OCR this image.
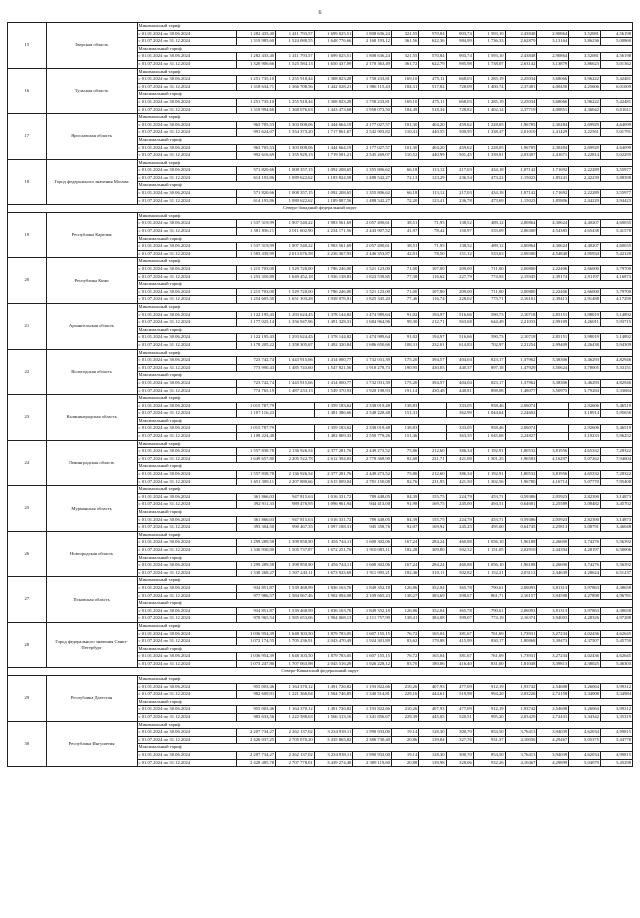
6
15	Тверская область	Минимальный тариф												
		с 01.01.2024 по 30.06.2024	1 282 433,40	1 411 793,57	1 699 025,51	1 808 636,24	321,55	570,84	903,74	1 593,10	2,43848	2,90864	3,52081	4,56198
		с 01.07.2024 по 31.12.2024	1 319 985,60	1 524 088,55	1 648 776,66	2 168 193,12	361,56	622,36	984,99	1 736,33	2,62879	3,13164	3,86236	5,00860
		Максимальный тариф												
		с 01.01.2024 по 30.06.2024	1 282 433,40	1 411 793,57	1 699 025,51	1 808 636,24	321,55	570,84	903,74	1 593,10	2,43848	2,90864	3,52081	4,56198
		с 01.07.2024 по 31.12.2024	1 320 906,66	1 525 584,13	1 650 437,09	2 170 363,49	361,72	622,79	985,98	1 738,07	2,63142	3,13879	3,86623	5,01362
16	Тульская область	Минимальный тариф												
		с 01.01.2024 по 30.06.2024	1 251 735,10	1 255 918,44	1 308 823,28	1 758 233,81	169,10	475,11	668,03	1 285,19	2,25034	3,68066	3,96222	5,42481
		с 01.07.2024 по 31.12.2024	1 318 634,71	1 366 708,56	1 442 028,21	1 986 115,43	184,31	517,82	728,09	1 400,74	2,37481	4,00450	4,25606	6,01009
		Максимальный тариф												
		с 01.01.2024 по 30.06.2024	1 251 735,10	1 255 918,44	1 308 823,28	1 758 233,81	169,10	475,11	668,03	1 285,19	2,25034	3,68066	3,96222	5,42481
		с 01.07.2024 по 31.12.2024	1 319 994,66	1 368 076,63	1 443 473,68	1 958 073,50	184,49	518,34	728,82	1 402,14	2,37719	4,00851	4,36042	6,01611
17	Ярославская область	Минимальный тариф												
		с 01.01.2024 по 30.06.2024	963 705,53	1 303 008,06	1 444 664,19	2 177 027,57	101,30	404,20	459,62	1 228,05	1,96785	2,30284	2,69929	4,64099
		с 01.07.2024 по 31.12.2024	991 624,07	1 354 373,20	1 717 861,67	2 542 903,82	110,41	440,55	500,95	1 338,47	2,01010	2,41429	3,22561	5,01791
		Максимальный тариф												
		с 01.01.2024 по 30.06.2024	963 705,53	1 303 008,06	1 444 664,19	2 177 027,57	101,30	404,20	459,62	1 228,05	1,96785	2,30284	2,69929	4,64099
		с 01.07.2024 по 31.12.2024	992 616,69	1 355 929,13	1 719 581,21	2 545 269,07	110,52	440,99	501,45	1 339,81	2,03307	2,41671	3,22814	5,02295
18	Город федерального значения Москва	Минимальный тариф												
		с 01.01.2024 по 30.06.2024	571 820,66	1 008 357,15	1 092 208,65	1 355 806,62	66,18	113,12	217,03	434,18	1,07142	1,71692	2,22289	3,55977
		с 01.07.2024 по 31.12.2024	614 193,86	1 089 622,62	1 183 824,58	1 488 542,27	72,13	123,29	236,54	473,22	1,15023	1,85241	2,42239	3,88398
		Максимальный тариф												
		с 01.01.2024 по 30.06.2024	571 820,66	1 008 357,15	1 092 208,65	1 355 806,62	66,18	113,12	217,03	434,18	1,07142	1,71692	2,22289	3,55977
		с 01.07.2024 по 31.12.2024	614 193,86	1 089 622,62	1 189 087,56	1 488 542,27	72,20	123,41	236,78	473,69	1,15023	1,85806	2,44229	3,94423
Северо-Западный федеральный округ														
19	Республика Карелия	Минимальный тариф												
		с 01.01.2024 по 30.06.2024	1 537 319,99	1 907 540,22	1 983 561,69	2 057 490,61	38,51	71,95	138,52	489,12	2,00864	4,30624	4,40207	4,60035
		с 01.07.2024 по 31.12.2024	1 581 856,11	2 011 602,90	2 234 171,56	2 443 907,52	41,97	78,42	150,97	533,09	2,06300	4,54385	4,65438	5,41578
		Максимальный тариф												
		с 01.01.2024 по 30.06.2024	1 537 319,99	1 907 540,22	1 983 561,69	2 057 490,61	38,51	71,95	138,52	489,12	2,00864	4,30624	4,40207	4,60035
		с 01.07.2024 по 31.12.2024	1 583 439,99	2 013 676,58	2 236 367,93	2 446 353,87	42,01	78,50	151,12	533,63	2,06506	4,54840	4,95934	5,42120
20	Республика Коми	Минимальный тариф												
		с 01.01.2024 по 30.06.2024	1 215 703,00	1 529 720,00	1 786 246,00	1 521 123,00	71,00	107,00	209,00	711,00	2,00800	2,22406	2,66000	3,79700
		с 01.07.2024 по 31.12.2024	1 253 350,89	1 649 452,18	1 936 138,83	1 823 539,85	77,38	116,62	227,79	774,93	2,15945	2,39174	2,91197	4,16873
		Максимальный тариф												
		с 01.01.2024 по 30.06.2024	1 215 703,00	1 529 720,00	1 786 246,00	1 521 123,00	71,00	107,00	209,00	711,00	2,00800	2,22406	2,66000	3,79700
		с 01.07.2024 по 31.12.2024	1 254 605,50	1 651 103,28	1 938 076,91	1 825 345,20	77,46	116,74	228,02	775,71	2,16161	2,39413	2,91488	4,17290
21	Архангельская область	Минимальный тариф												
		с 01.01.2024 по 30.06.2024	1 122 195,43	1 293 624,45	1 378 144,82	1 474 989,64	91,02	194,97	516,66	590,73	2,10718	2,85151	3,98019	5,14892
		с 01.07.2024 по 31.12.2024	1 177 025,14	1 356 947,96	1 491 328,31	1 684 964,96	99,30	212,71	563,68	644,49	2,21033	2,99109	4,26011	5,93715
		Максимальный тариф												
		с 01.01.2024 по 30.06.2024	1 122 195,43	1 293 624,45	1 378 144,82	1 474 989,64	91,02	194,97	516,66	590,73	2,10718	2,85151	3,98019	5,14892
		с 01.07.2024 по 31.12.2024	1 178 205,22	1 358 305,67	1 492 320,84	1 686 650,66	108,31	232,01	614,83	702,97	2,21254	2,99409	4,26438	5,94309
22	Вологодская область	Минимальный тариф												
		с 01.01.2024 по 30.06.2024	723 742,74	1 443 915,66	1 414 000,77	1 732 031,39	175,20	394,57	404,04	823,17	1,37962	3,38306	3,46293	4,82946
		с 01.07.2024 по 31.12.2024	773 990,43	1 485 743,60	1 547 821,56	1 918 278,73	190,95	430,05	440,37	897,18	1,47929	3,50624	3,78005	5,33151
		Максимальный тариф												
		с 01.01.2024 по 30.06.2024	723 742,74	1 443 915,66	1 414 000,77	1 732 031,39	175,20	394,57	404,04	823,17	1,37962	3,38306	3,46293	4,82946
		с 01.07.2024 по 31.12.2024	774 765,19	1 487 233,13	1 549 370,93	1 920 198,93	191,14	430,48	440,81	898,08	1,48077	3,50975	3,79284	5,33684
23	Калининградская область	Минимальный тариф												
		с 01.01.2024 по 30.06.2024	1 015 787,79		1 359 183,62	2 338 019,48	138,83		333,05	958,46	2,06074		2,92606	5,46519
		с 01.07.2024 по 31.12.2024	1 107 116,23		1 481 386,66	2 548 228,48	151,31		362,99	1 044,64	2,24602		3,18914	5,95656
		Максимальный тариф												
		с 01.01.2024 по 30.06.2024	1 015 787,79		1 359 183,62	2 338 019,48	138,83		333,05	958,46	2,06074		2,92606	5,46519
		с 01.07.2024 по 31.12.2024	1 108 224,48		1 482 869,33	2 550 779,26	151,46		363,35	1 045,68	2,24827		3,19233	5,96252
24	Ленинградская область	Минимальный тариф												
		с 01.01.2024 по 30.06.2024	1 557 838,78	2 136 926,54	2 377 281,76	2 449 273,52	75,86	212,60	386,34	1 192,91	1,80532	3,81956	4,65332	7,28322
		с 01.07.2024 по 31.12.2024	1 649 657,80	2 205 522,78	2 612 394,03	2 778 368,90	82,68	231,71	421,08	1 301,25	1,96583	4,16297	5,07262	7,94604
		Максимальный тариф												
		с 01.01.2024 по 30.06.2024	1 557 838,78	2 136 926,54	2 377 281,76	2 449 273,52	75,86	212,60	386,34	1 192,91	1,80532	3,81956	4,65332	7,28322
		с 01.07.2024 по 31.12.2024	1 651 309,11	2 207 880,66	2 615 009,04	2 781 150,08	82,76	231,95	421,50	1 302,56	1,96780	4,16714	5,07770	7,95400
25	Мурманская область	Минимальный тариф												
		с 01.01.2024 по 30.06.2024	361 866,03	947 815,63	1 016 331,72	789 448,05	84,39	155,75	224,79	453,71	0,59386	2,05923	2,82390	3,14873
		с 01.07.2024 по 31.12.2024	392 911,33	989 476,95	1 096 961,94	944 413,00	91,98	169,75	245,00	494,51	0,64681	2,25589	3,08482	3,45702
		Максимальный тариф												
		с 01.01.2024 по 30.06.2024	361 866,03	947 815,63	1 016 331,72	789 448,05	84,39	155,75	224,79	453,71	0,59386	2,05923	2,82390	3,14873
		с 01.07.2024 по 31.12.2024	393 304,50	990 467,35	1 097 188,31	945 358,76	92,07	169,92	245,25	495,00	0,64745	2,25813	3,08791	3,46048
26	Новгородская область	Минимальный тариф												
		с 01.01.2024 по 30.06.2024	1 299 289,58	1 398 858,90	1 456 744,11	1 600 302,06	167,24	284,24	460,88	1 056,10	1,96188	2,26690	3,74276	5,56392
		с 01.07.2024 по 31.12.2024	1 336 930,00	1 505 737,87	1 672 251,76	1 910 083,11	182,28	309,80	502,32	1 151,05	2,02910	2,44394	4,28197	6,50006
		Максимальный тариф												
		с 01.01.2024 по 30.06.2024	1 299 289,58	1 398 858,90	1 456 744,11	1 600 302,06	167,24	284,24	460,88	1 056,10	1,96188	2,26690	3,74276	5,56392
		с 01.07.2024 по 31.12.2024	1 338 268,27	1 507 243,11	1 673 923,69	1 911 995,21	182,46	310,11	502,82	1 152,21	2,03113	2,44639	4,28624	6,51237
27	Псковская область	Минимальный тариф												
		с 01.01.2024 по 30.06.2024	934 851,87	1 539 468,99	1 836 163,76	1 849 352,18	126,86	352,04	365,78	790,61	2,06093	3,81313	3,97863	4,38658
		с 01.07.2024 по 31.12.2024	977 986,57	1 584 067,46	1 902 094,08	2 109 665,23	138,27	383,69	398,67	861,71	2,16157	3,94598	4,27898	4,96781
		Максимальный тариф												
		с 01.01.2024 по 30.06.2024	934 851,87	1 539 468,99	1 836 163,76	1 849 352,18	126,86	352,04	365,78	790,61	2,06093	3,81313	3,97863	4,38658
		с 01.07.2024 по 31.12.2024	978 965,54	1 585 653,06	1 904 068,13	2 111 757,99	138,41	384,08	399,07	774,19	2,16374	3,94003	4,28326	4,97288
28	Город федерального значения Санкт-Петербург	Минимальный тариф												
		с 01.01.2024 по 30.06.2024	1 036 954,39	1 648 303,50	1 879 783,05	1 607 155,15	76,72	165,04	381,67	761,69	1,73931	3,27234	4,02436	4,62645
		с 01.07.2024 по 31.12.2024	1 072 174,55	1 705 236,91	2 043 470,49	1 924 301,89	83,62	179,88	415,99	830,17	1,80868	3,39473	4,37507	5,45759
		Максимальный тариф												
		с 01.01.2024 по 30.06.2024	1 036 954,39	1 648 303,50	1 879 783,05	1 607 155,15	76,72	165,04	381,67	761,69	1,73931	3,27234	4,02436	4,62645
		с 01.07.2024 по 31.12.2024	1 073 247,80	1 707 063,98	2 045 516,29	1 926 228,12	83,70	180,06	416,40	831,00	1,81048	3,39813	4,38025	5,46303
Северо-Кавказский федеральный округ														
29	Республика Дагестан	Минимальный тариф												
		с 01.01.2024 по 30.06.2024	955 003,46	1 164 370,12	1 491 726,82	1 193 822,66	210,26	407,93	477,09	912,19	1,93742	2,54608	3,26064	3,99312
		с 01.07.2024 по 31.12.2024	982 609,91	1 221 366,04	1 564 746,85	1 340 514,81	229,16	444,61	519,98	994,20	2,03226	2,72158	3,34008	3,34984
		Максимальный тариф												
		с 01.01.2024 по 30.06.2024	955 003,46	1 164 370,12	1 491 726,82	1 193 822,66	210,26	407,93	477,09	912,19	1,93742	2,54608	3,26064	3,99312
		с 01.07.2024 по 31.12.2024	983 633,56	1 222 588,63	1 566 313,16	1 341 856,67	229,39	445,05	520,51	995,20	2,03429	2,72431	3,34342	3,35319
30	Республика Ингушетия	Минимальный тариф												
		с 01.01.2024 по 30.06.2024	2 207 734,27	2 262 137,02	3 234 939,11	1 990 933,00	19,14	128,30	300,70	854,50	3,76413	3,94039	4,62034	4,99815
		с 01.07.2024 по 31.12.2024	2 426 037,25	2 705 070,20	3 435 865,82	2 386 730,40	20,86	139,84	327,76	931,37	4,10056	4,29467	5,05375	5,44778
		Максимальный тариф												
		с 01.01.2024 по 30.06.2024	2 207 734,27	2 262 137,02	3 234 939,11	1 990 933,00	19,14	128,30	300,70	854,50	3,76413	3,94039	4,62034	4,99815
		с 01.07.2024 по 31.12.2024	2 428 485,78	2 707 778,01	3 439 274,48	2 389 119,60	20,88	139,98	328,06	932,26	4,10467	4,29899	5,04079	5,45298
